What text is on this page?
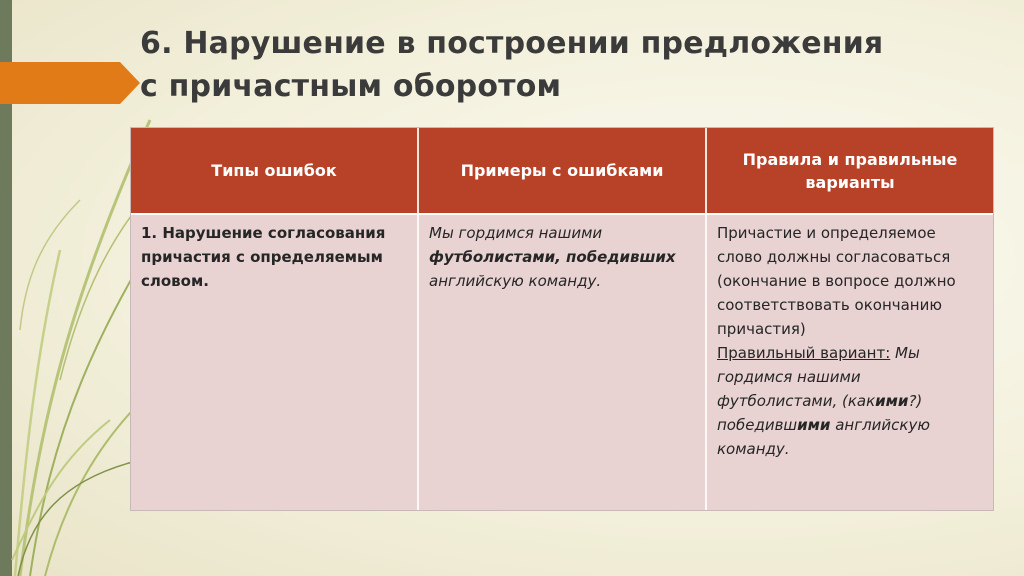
6. Нарушение в построении предложения
с причастным оборотом
Типы ошибок	Примеры с ошибками
Правила и правильные варианты
1. Нарушение согласования причастия с определяемым словом.
Мы гордимся нашими футболистами, победивших английскую команду.
Причастие и определяемое слово должны согласоваться (окончание в вопросе должно соответствовать окончанию причастия)
Правильный вариант: Мы гордимся нашими футболистами, (какими?) победившими английскую команду.
